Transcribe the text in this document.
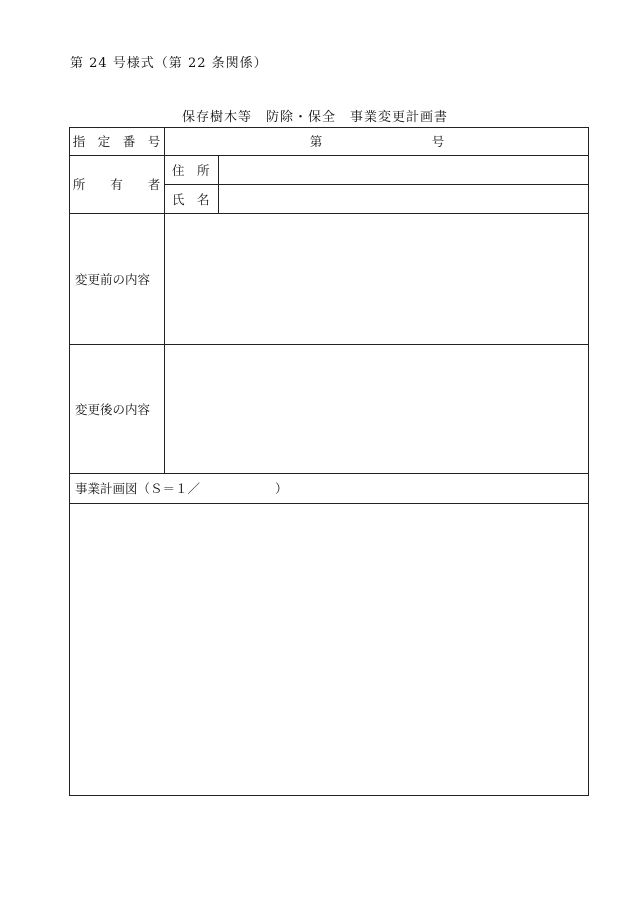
第 24 号様式（第 22 条関係）
保存樹木等　防除・保全　事業変更計画書
指　定　番　号	第	号
所　　有　　者
住　所
氏　名
変更前の内容
変更後の内容
事業計画図（Ｓ＝１／　　　　　　）
